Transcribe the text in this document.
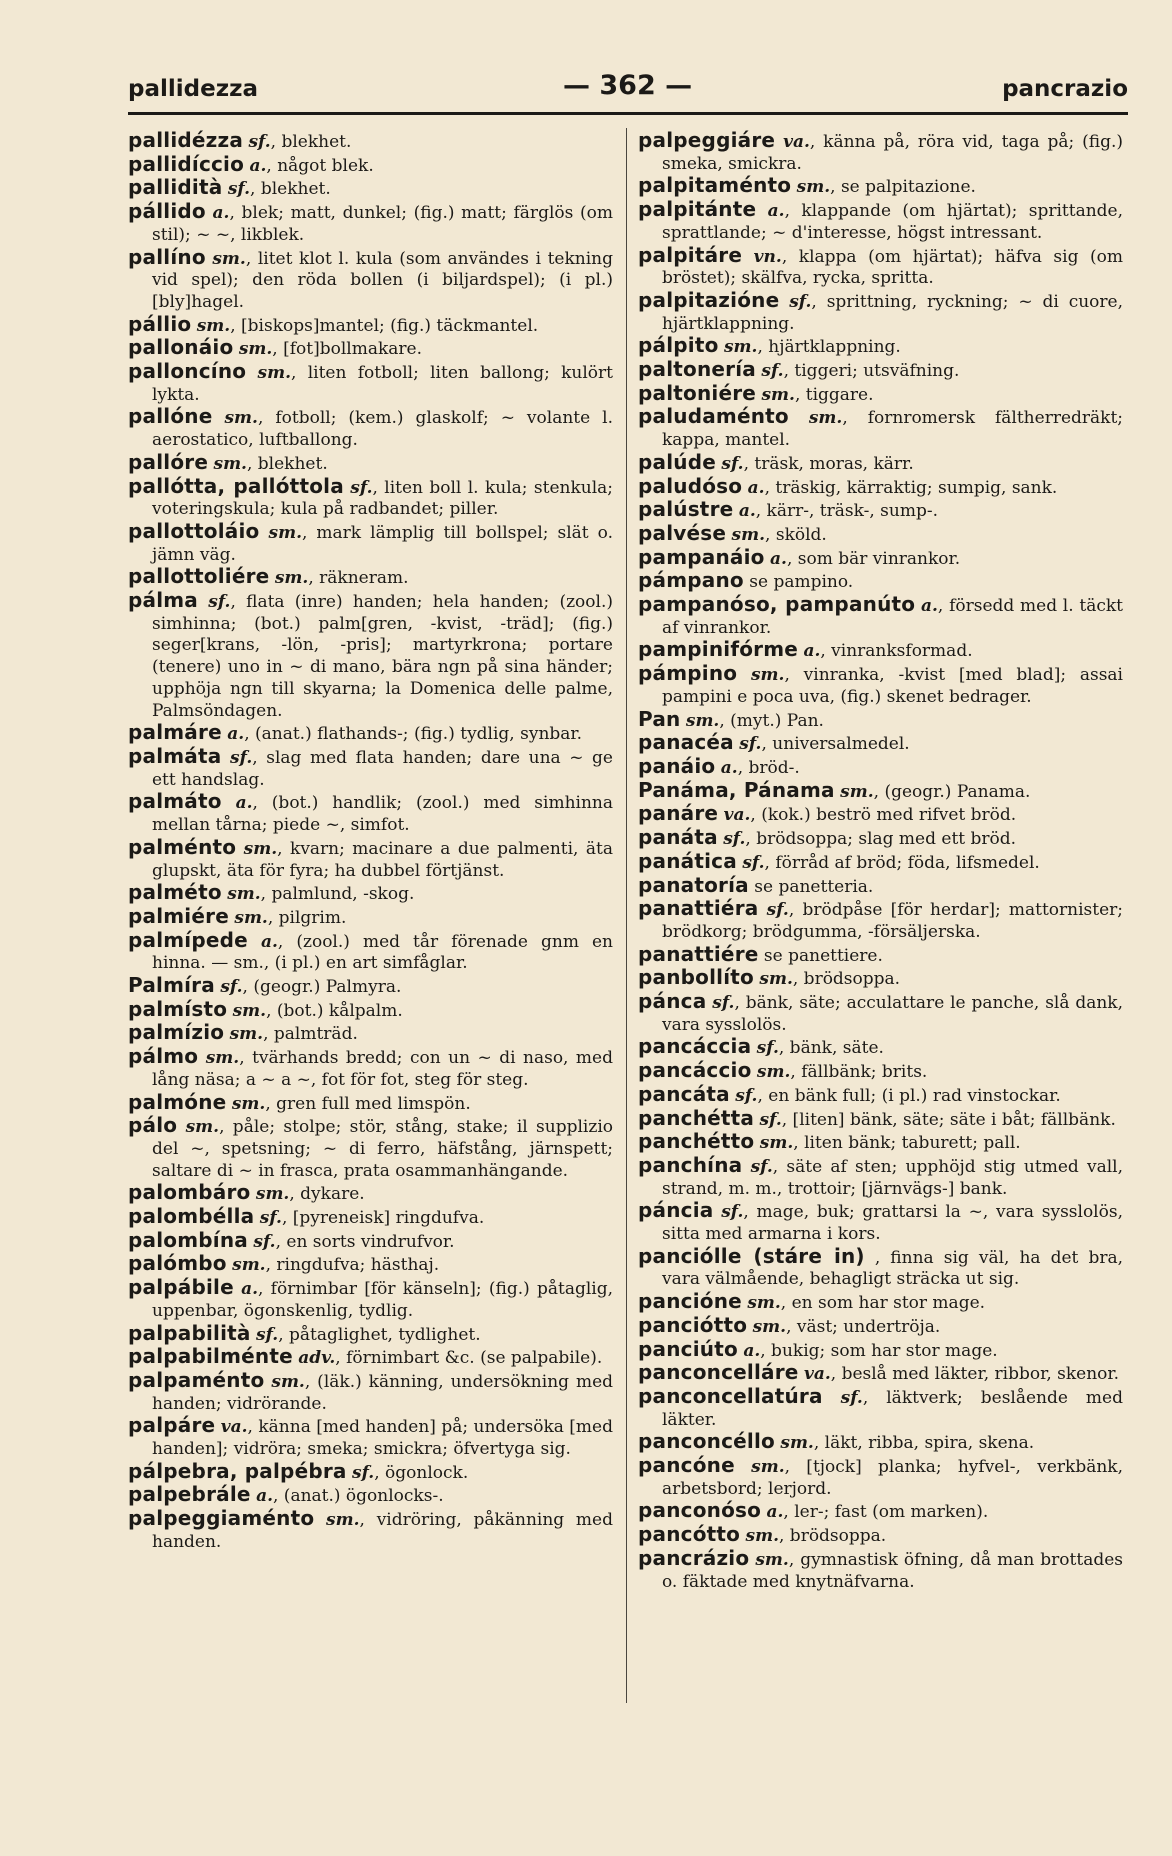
pallidezza	— 362 —	pancrazio

pallidézza sf., blekhet.

pallidíccio a., något blek.

pallidità sf., blekhet.

pállido a., blek; matt, dunkel; (fig.) matt; färglös (om stil); ~ ~, likblek.

pallíno sm., litet klot l. kula (som användes i tekning vid spel); den röda bollen (i biljardspel); (i pl.) [bly]hagel.

pállio sm., [biskops]mantel; (fig.) täckmantel.

pallonáio sm., [fot]bollmakare.

palloncíno sm., liten fotboll; liten ballong; kulört lykta.

pallóne sm., fotboll; (kem.) glaskolf; ~ volante l. aerostatico, luftballong.

pallóre sm., blekhet.

pallótta, pallóttola sf., liten boll l. kula; stenkula; voteringskula; kula på radbandet; piller.

pallottoláio sm., mark lämplig till bollspel; slät o. jämn väg.

pallottoliére sm., räkneram.

pálma sf., flata (inre) handen; hela handen; (zool.) simhinna; (bot.) palm[gren, -kvist, -träd]; (fig.) seger[krans, -lön, -pris]; martyrkrona; portare (tenere) uno in ~ di mano, bära ngn på sina händer; upphöja ngn till skyarna; la Domenica delle palme, Palmsöndagen.

palmáre a., (anat.) flathands-; (fig.) tydlig, synbar.

palmáta sf., slag med flata handen; dare una ~ ge ett handslag.

palmáto a., (bot.) handlik; (zool.) med simhinna mellan tårna; piede ~, simfot.

palménto sm., kvarn; macinare a due palmenti, äta glupskt, äta för fyra; ha dubbel förtjänst.

palméto sm., palmlund, -skog.

palmiére sm., pilgrim.

palmípede a., (zool.) med tår förenade gnm en hinna. — sm., (i pl.) en art simfåglar.

Palmíra sf., (geogr.) Palmyra.

palmísto sm., (bot.) kålpalm.

palmízio sm., palmträd.

pálmo sm., tvärhands bredd; con un ~ di naso, med lång näsa; a ~ a ~, fot för fot, steg för steg.

palmóne sm., gren full med limspön.

pálo sm., påle; stolpe; stör, stång, stake; il supplizio del ~, spetsning; ~ di ferro, häfstång, järnspett; saltare di ~ in frasca, prata osammanhängande.

palombáro sm., dykare.

palombélla sf., [pyreneisk] ringdufva.

palombína sf., en sorts vindrufvor.

palómbo sm., ringdufva; hästhaj.

palpábile a., förnimbar [för känseln]; (fig.) påtaglig, uppenbar, ögonskenlig, tydlig.

palpabilità sf., påtaglighet, tydlighet.

palpabilménte adv., förnimbart &c. (se palpabile).

palpaménto sm., (läk.) känning, undersökning med handen; vidrörande.

palpáre va., känna [med handen] på; undersöka [med handen]; vidröra; smeka; smickra; öfvertyga sig.

pálpebra, palpébra sf., ögonlock.

palpebrále a., (anat.) ögonlocks-.

palpeggiaménto sm., vidröring, påkänning med handen.

palpeggiáre va., känna på, röra vid, taga på; (fig.) smeka, smickra.

palpitaménto sm., se palpitazione.

palpitánte a., klappande (om hjärtat); sprittande, sprattlande; ~ d'interesse, högst intressant.

palpitáre vn., klappa (om hjärtat); häfva sig (om bröstet); skälfva, rycka, spritta.

palpitazióne sf., sprittning, ryckning; ~ di cuore, hjärtklappning.

pálpito sm., hjärtklappning.

paltonería sf., tiggeri; utsväfning.

paltoniére sm., tiggare.

paludaménto sm., fornromersk fältherredräkt; kappa, mantel.

palúde sf., träsk, moras, kärr.

paludóso a., träskig, kärraktig; sumpig, sank.

palústre a., kärr-, träsk-, sump-.

palvése sm., sköld.

pampanáio a., som bär vinrankor.

pámpano se pampino.

pampanóso, pampanúto a., försedd med l. täckt af vinrankor.

pampinifórme a., vinranksformad.

pámpino sm., vinranka, -kvist [med blad]; assai pampini e poca uva, (fig.) skenet bedrager.

Pan sm., (myt.) Pan.

panacéa sf., universalmedel.

panáio a., bröd-.

Panáma, Pánama sm., (geogr.) Panama.

panáre va., (kok.) beströ med rifvet bröd.

panáta sf., brödsoppa; slag med ett bröd.

panática sf., förråd af bröd; föda, lifsmedel.

panatoría se panetteria.

panattiéra sf., brödpåse [för herdar]; mattornister; brödkorg; brödgumma, -försäljerska.

panattiére se panettiere.

panbollíto sm., brödsoppa.

pánca sf., bänk, säte; acculattare le panche, slå dank, vara sysslolös.

pancáccia sf., bänk, säte.

pancáccio sm., fällbänk; brits.

pancáta sf., en bänk full; (i pl.) rad vinstockar.

panchétta sf., [liten] bänk, säte; säte i båt; fällbänk.

panchétto sm., liten bänk; taburett; pall.

panchína sf., säte af sten; upphöjd stig utmed vall, strand, m. m., trottoir; [järnvägs-] bank.

páncia sf., mage, buk; grattarsi la ~, vara sysslolös, sitta med armarna i kors.

panciólle (stáre in) , finna sig väl, ha det bra, vara välmående, behagligt sträcka ut sig.

pancióne sm., en som har stor mage.

panciótto sm., väst; undertröja.

panciúto a., bukig; som har stor mage.

panconcelláre va., beslå med läkter, ribbor, skenor.

panconcellatúra sf., läktverk; beslående med läkter.

panconcéllo sm., läkt, ribba, spira, skena.

pancóne sm., [tjock] planka; hyfvel-, verkbänk, arbetsbord; lerjord.

panconóso a., ler-; fast (om marken).

pancótto sm., brödsoppa.

pancrázio sm., gymnastisk öfning, då man brottades o. fäktade med knytnäfvarna.
